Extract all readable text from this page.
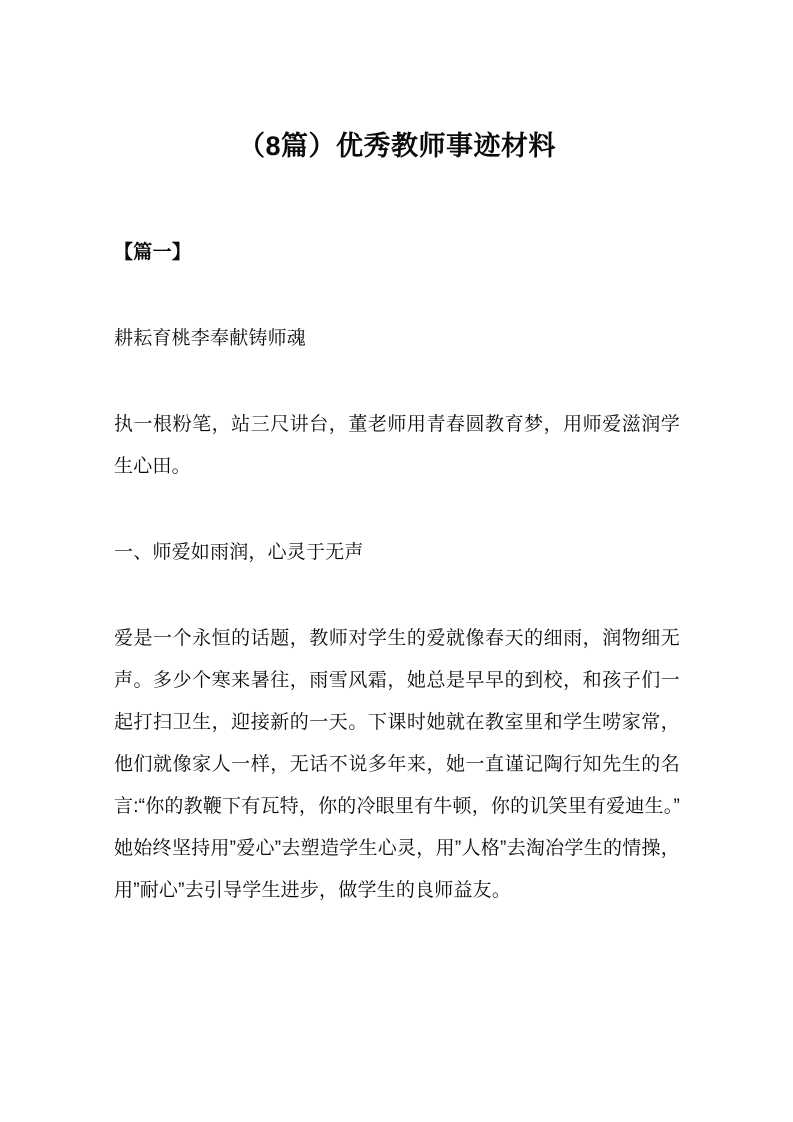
（8篇）优秀教师事迹材料
【篇一】

耕耘育桃李奉献铸师魂

执一根粉笔，站三尺讲台，董老师用青春圆教育梦，用师爱滋润学生心田。

一、师爱如雨润，心灵于无声

爱是一个永恒的话题，教师对学生的爱就像春天的细雨，润物细无声。多少个寒来暑往，雨雪风霜，她总是早早的到校，和孩子们一起打扫卫生，迎接新的一天。下课时她就在教室里和学生唠家常，他们就像家人一样，无话不说多年来，她一直谨记陶行知先生的名言:“你的教鞭下有瓦特，你的冷眼里有牛顿，你的讥笑里有爱迪生。”她始终坚持用”爱心”去塑造学生心灵，用”人格”去淘冶学生的情操，用”耐心”去引导学生进步，做学生的良师益友。
